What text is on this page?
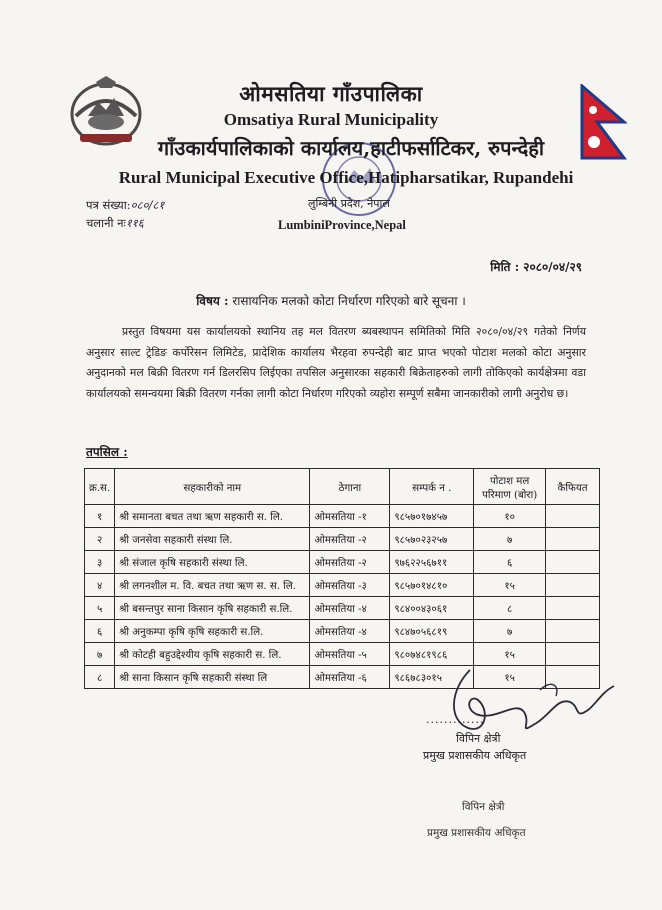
ओमसतिया गाँउपालिका
Omsatiya Rural Municipality
गाँउकार्यपालिकाको कार्यालय,हाटीफर्साटिकर, रुपन्देही
Rural Municipal Executive Office,Hatipharsatikar, Rupandehi
लुम्बिनी प्रदेश, नेपाल
LumbiniProvince,Nepal
पत्र संख्या:०८०/८१
चलानी नः११६
मिति : २०८०/०४/२९
विषय : रासायनिक मलको कोटा निर्धारण गरिएको बारे सूचना ।
प्रस्तुत विषयमा यस कार्यालयको स्थानिय तह मल वितरण ब्यबस्थापन समितिको मिति २०८०/०४/२९ गतेको निर्णय अनुसार साल्ट ट्रेडिङ कर्पोरेसन लिमिटेड, प्रादेशिक कार्यालय भैरहवा रुपन्देही बाट प्राप्त भएको पोटाश मलको कोटा अनुसार अनुदानको मल बिक्री वितरण गर्न डिलरसिप लिईएका तपसिल अनुसारका सहकारी बिक्रेताहरुको लागी तोकिएको कार्यक्षेत्रमा वडा कार्यालयको समन्वयमा बिक्री वितरण गर्नका लागी कोटा निर्धारण गरिएको व्यहोरा सम्पूर्ण सबैमा जानकारीको लागी अनुरोध छ।
तपसिल :
क्र.स.	सहकारीको नाम	ठेगाना	सम्पर्क न .	पोटाश मल परिमाण (बोरा)	कैफियत
१	श्री समानता बचत तथा ऋण सहकारी स. लि.	ओमसतिया -१	९८५७०१७४५७	१०	
२	श्री जनसेवा सहकारी संस्था लि.	ओमसतिया -२	९८५७०२३२५७	७	
३	श्री संजाल कृषि सहकारी संस्था लि.	ओमसतिया -२	९७६२२५६७११	६	
४	श्री लगनशील म. वि. बचत तथा ऋण स. स. लि.	ओमसतिया -३	९८५७०१४८१०	१५	
५	श्री बसन्तपुर साना किसान कृषि सहकारी स.लि.	ओमसतिया -४	९८४००४३०६१	८	
६	श्री अनुकम्पा कृषि कृषि सहकारी स.लि.	ओमसतिया -४	९८४७०५६८१९	७	
७	श्री कोटही बहुउद्देश्यीय कृषि सहकारी स. लि.	ओमसतिया -५	९८०७४८१९८६	१५	
८	श्री साना किसान कृषि सहकारी संस्था लि	ओमसतिया -६	९८६७८३०१५	१५	
.............
विपिन क्षेत्री
प्रमुख प्रशासकीय अधिकृत
विपिन क्षेत्री
प्रमुख प्रशासकीय अधिकृत
